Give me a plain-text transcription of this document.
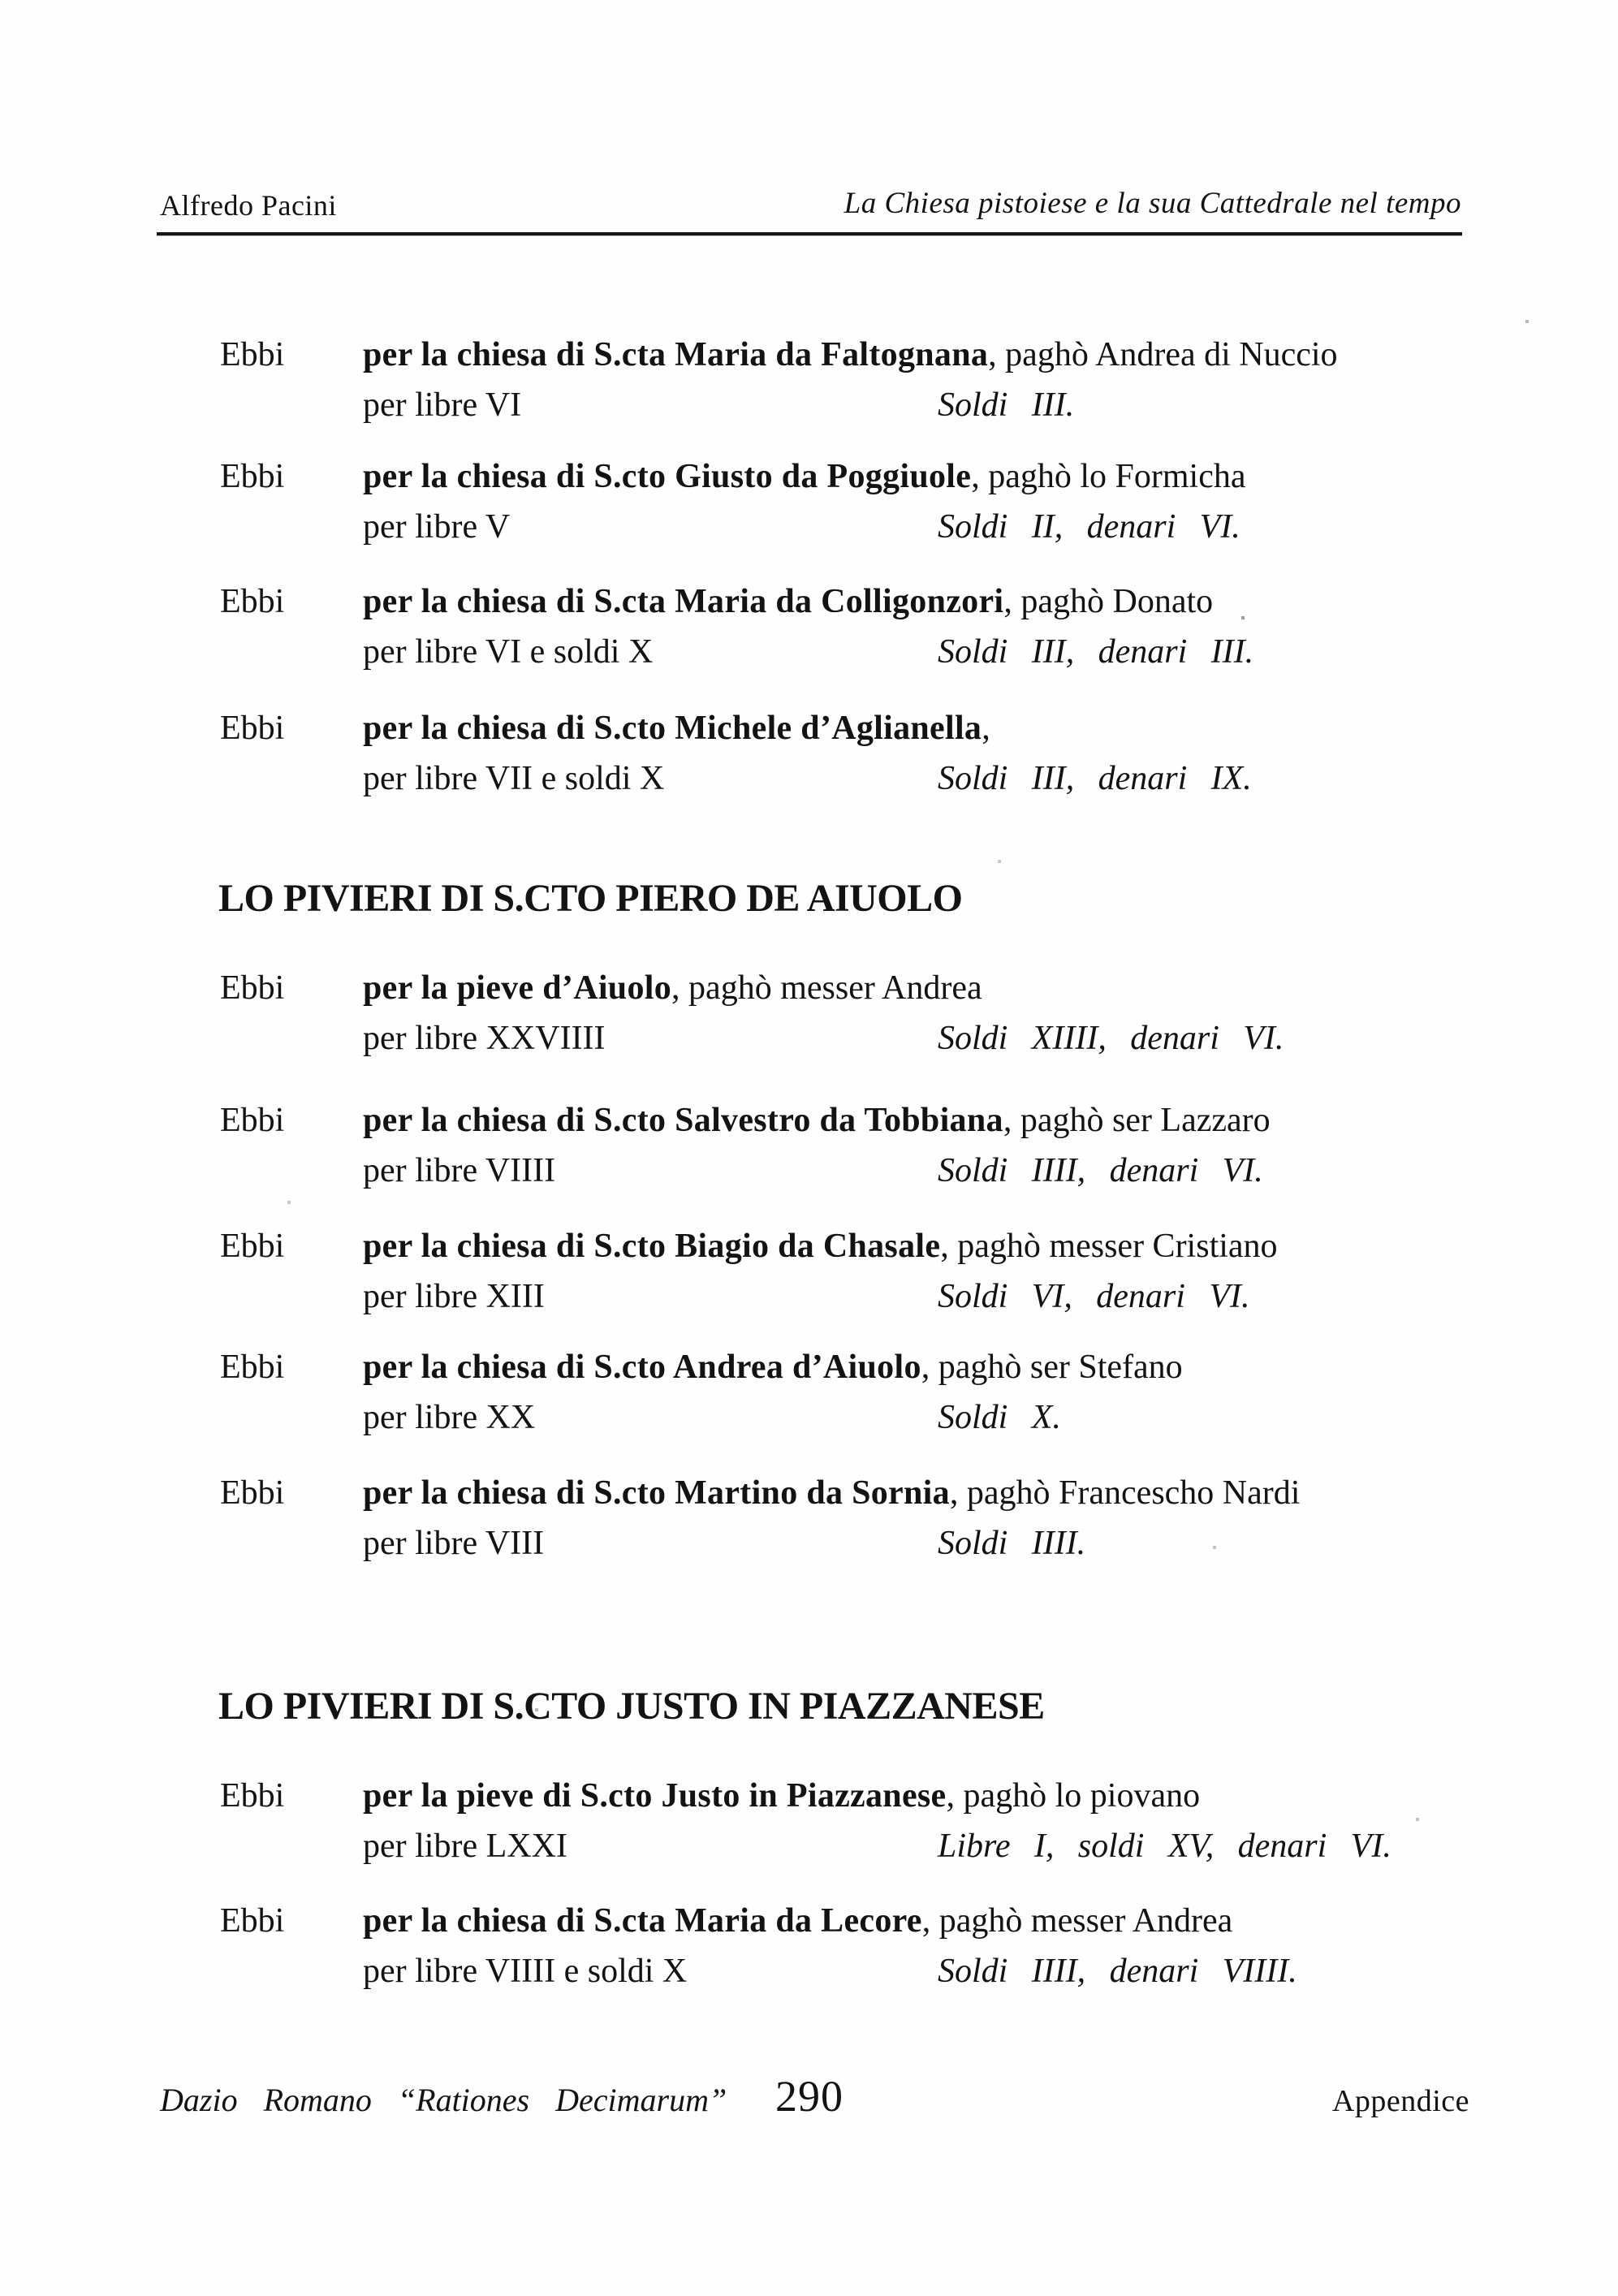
Alfredo Pacini	La Chiesa pistoiese e la sua Cattedrale nel tempo
Ebbi	per la chiesa di S.cta Maria da Faltognana, paghò Andrea di Nuccio
per libre VI	Soldi III.
Ebbi	per la chiesa di S.cto Giusto da Poggiuole, paghò lo Formicha
per libre V	Soldi II, denari VI.
Ebbi	per la chiesa di S.cta Maria da Colligonzori, paghò Donato
per libre VI e soldi X	Soldi III, denari III.
Ebbi	per la chiesa di S.cto Michele d’Aglianella,
per libre VII e soldi X	Soldi III, denari IX.
LO PIVIERI DI S.CTO PIERO DE AIUOLO
Ebbi	per la pieve d’Aiuolo, paghò messer Andrea
per libre XXVIIII	Soldi XIIII, denari VI.
Ebbi	per la chiesa di S.cto Salvestro da Tobbiana, paghò ser Lazzaro
per libre VIIII	Soldi IIII, denari VI.
Ebbi	per la chiesa di S.cto Biagio da Chasale, paghò messer Cristiano
per libre XIII	Soldi VI, denari VI.
Ebbi	per la chiesa di S.cto Andrea d’Aiuolo, paghò ser Stefano
per libre XX	Soldi X.
Ebbi	per la chiesa di S.cto Martino da Sornia, paghò Francescho Nardi
per libre VIII	Soldi IIII.
LO PIVIERI DI S.CTO JUSTO IN PIAZZANESE
Ebbi	per la pieve di S.cto Justo in Piazzanese, paghò lo piovano
per libre LXXI	Libre I, soldi XV, denari VI.
Ebbi	per la chiesa di S.cta Maria da Lecore, paghò messer Andrea
per libre VIIII e soldi X	Soldi IIII, denari VIIII.
Dazio Romano “Rationes Decimarum” 290	Appendice
